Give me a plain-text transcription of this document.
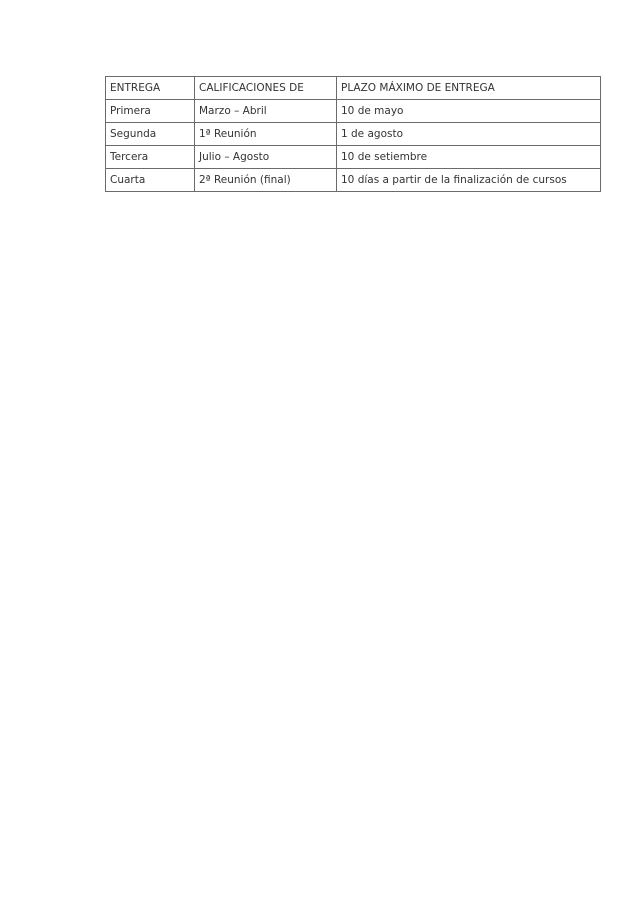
ENTREGA	CALIFICACIONES DE	PLAZO MÁXIMO DE ENTREGA
Primera	Marzo – Abril	10 de mayo
Segunda	1ª Reunión	1 de agosto
Tercera	Julio – Agosto	10 de setiembre
Cuarta	2ª Reunión (final)	10 días a partir de la finalización de cursos
